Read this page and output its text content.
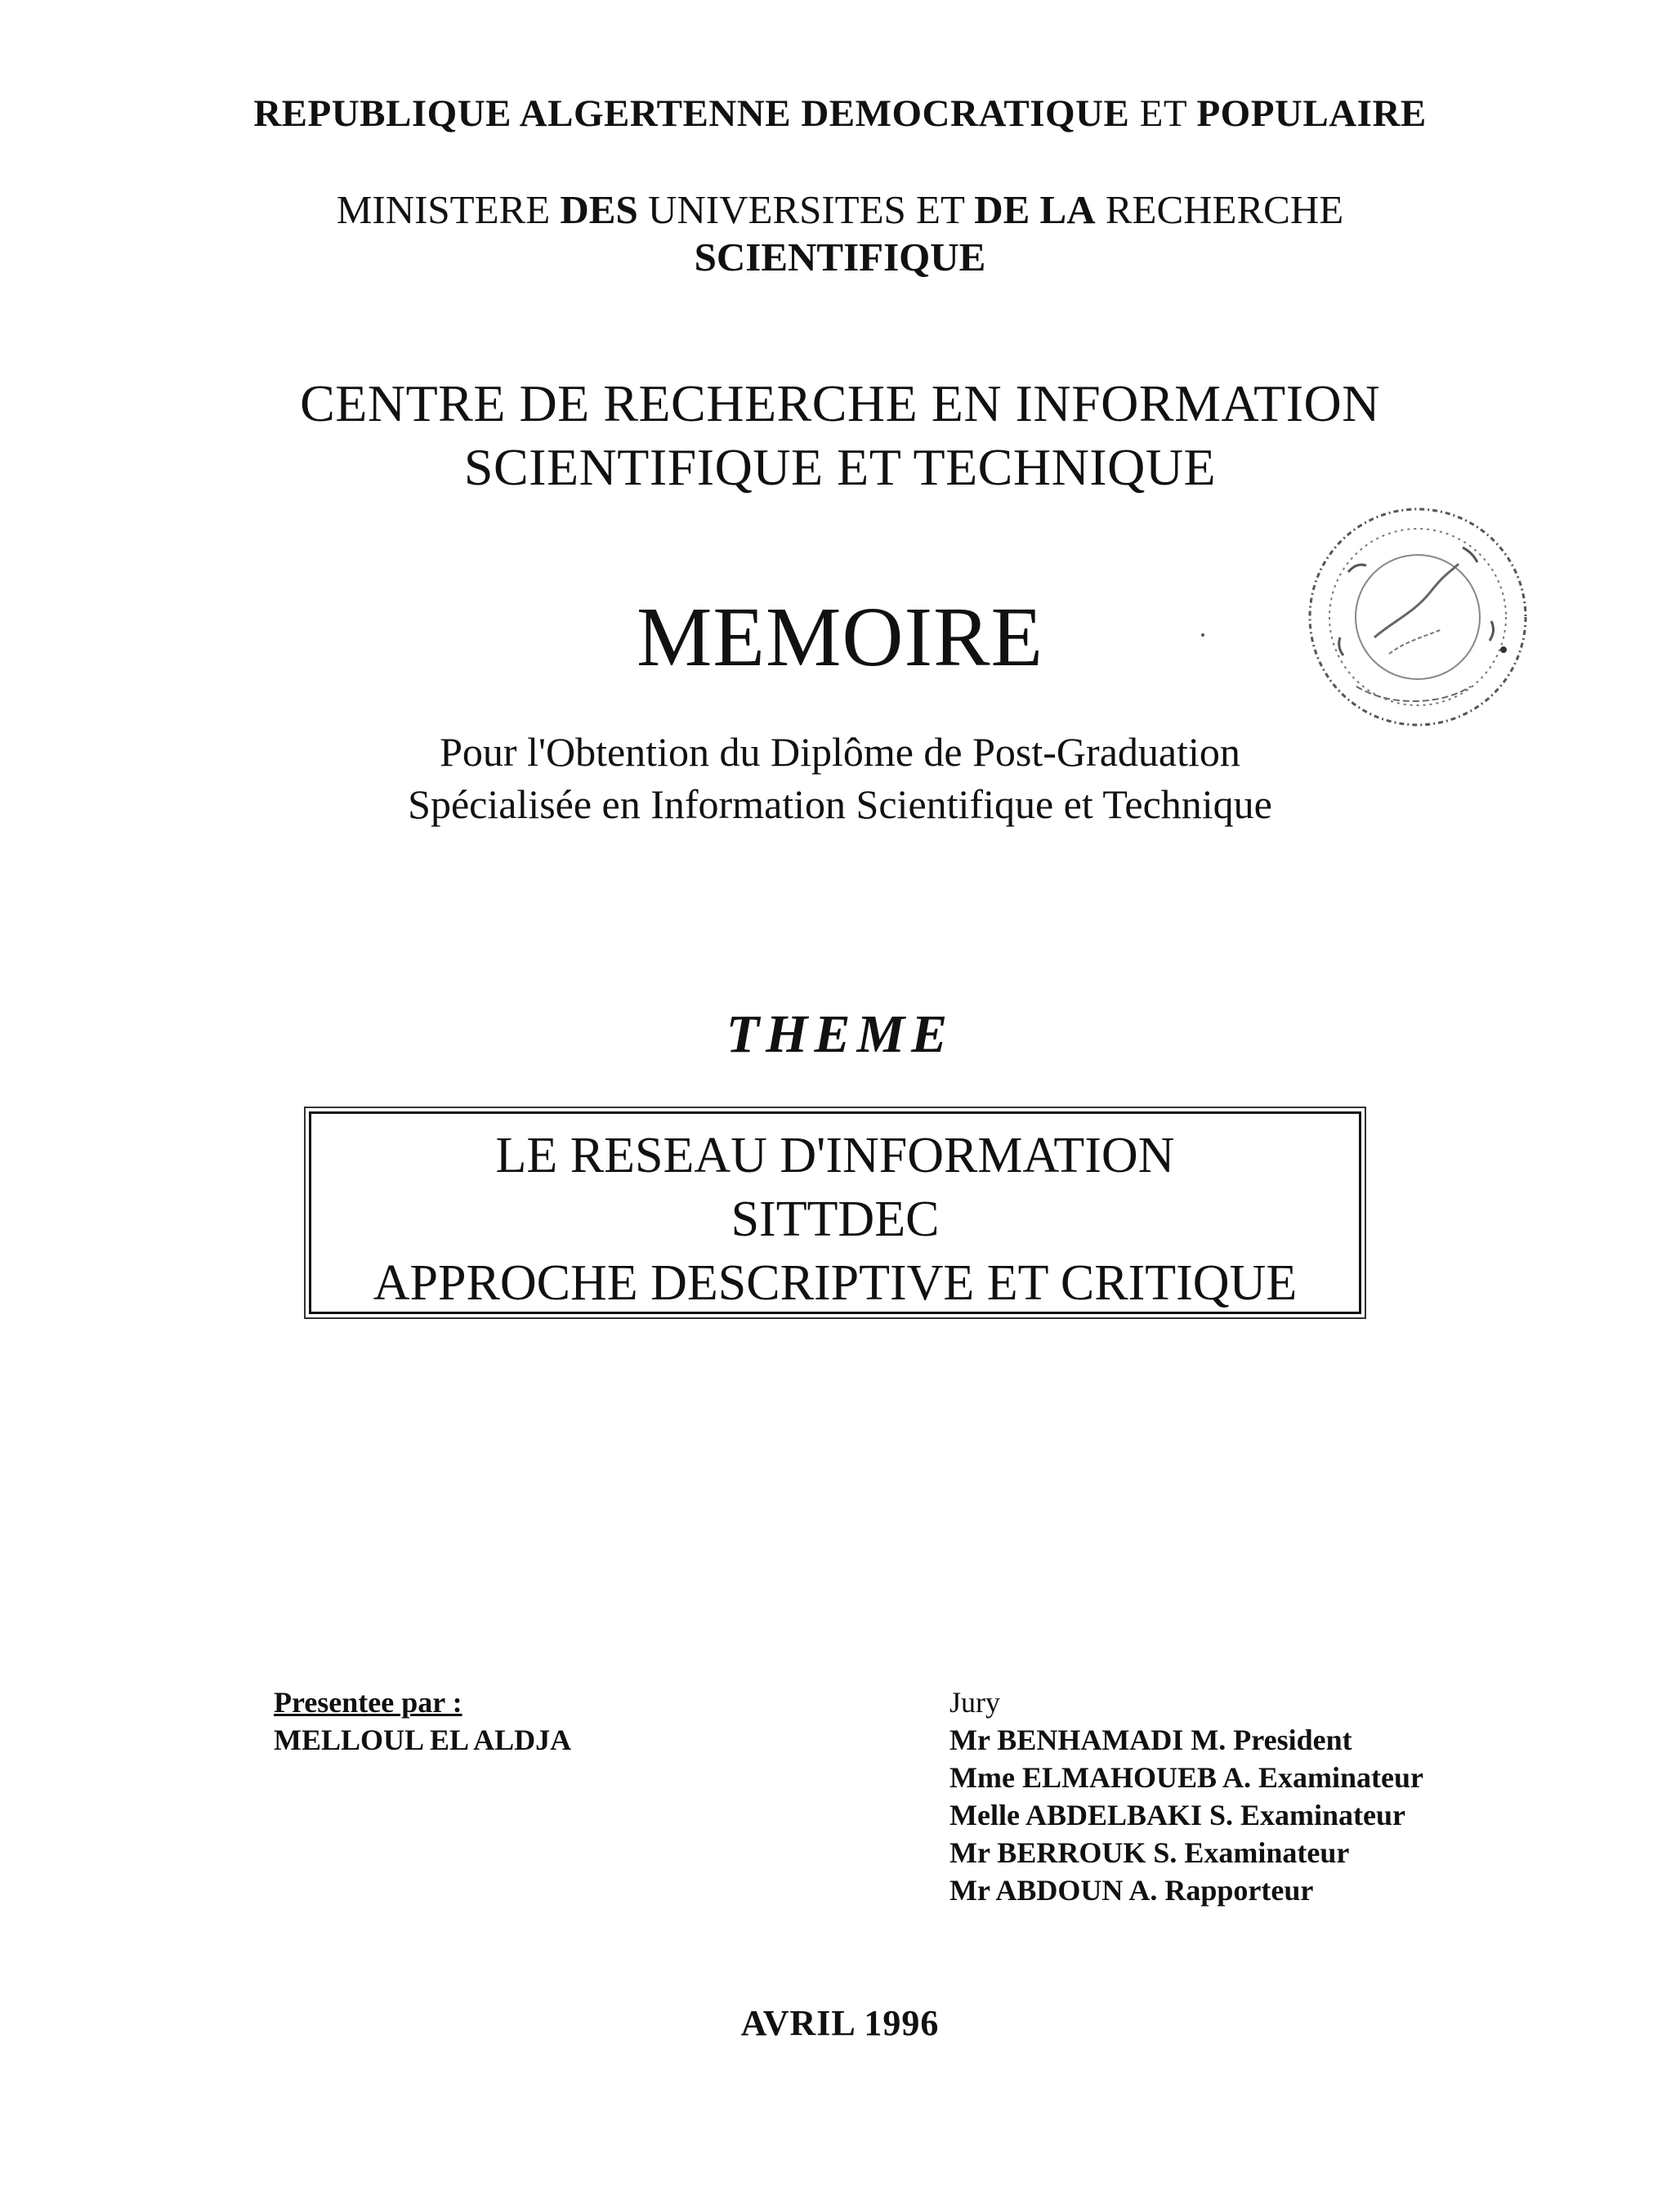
REPUBLIQUE ALGERTENNE DEMOCRATIQUE ET POPULAIRE
MINISTERE DES UNIVERSITES ET DE LA RECHERCHE
SCIENTIFIQUE
CENTRE DE RECHERCHE EN INFORMATION
SCIENTIFIQUE ET TECHNIQUE
MEMOIRE
Pour l'Obtention du Diplôme de Post-Graduation
Spécialisée en Information Scientifique et Technique
THEME
LE RESEAU D'INFORMATION
SITTDEC
APPROCHE DESCRIPTIVE ET CRITIQUE
Presentee par :
MELLOUL EL ALDJA
Jury
Mr BENHAMADI M. President
Mme ELMAHOUEB A. Examinateur
Melle ABDELBAKI S. Examinateur
Mr BERROUK S. Examinateur
Mr ABDOUN A. Rapporteur
AVRIL 1996
